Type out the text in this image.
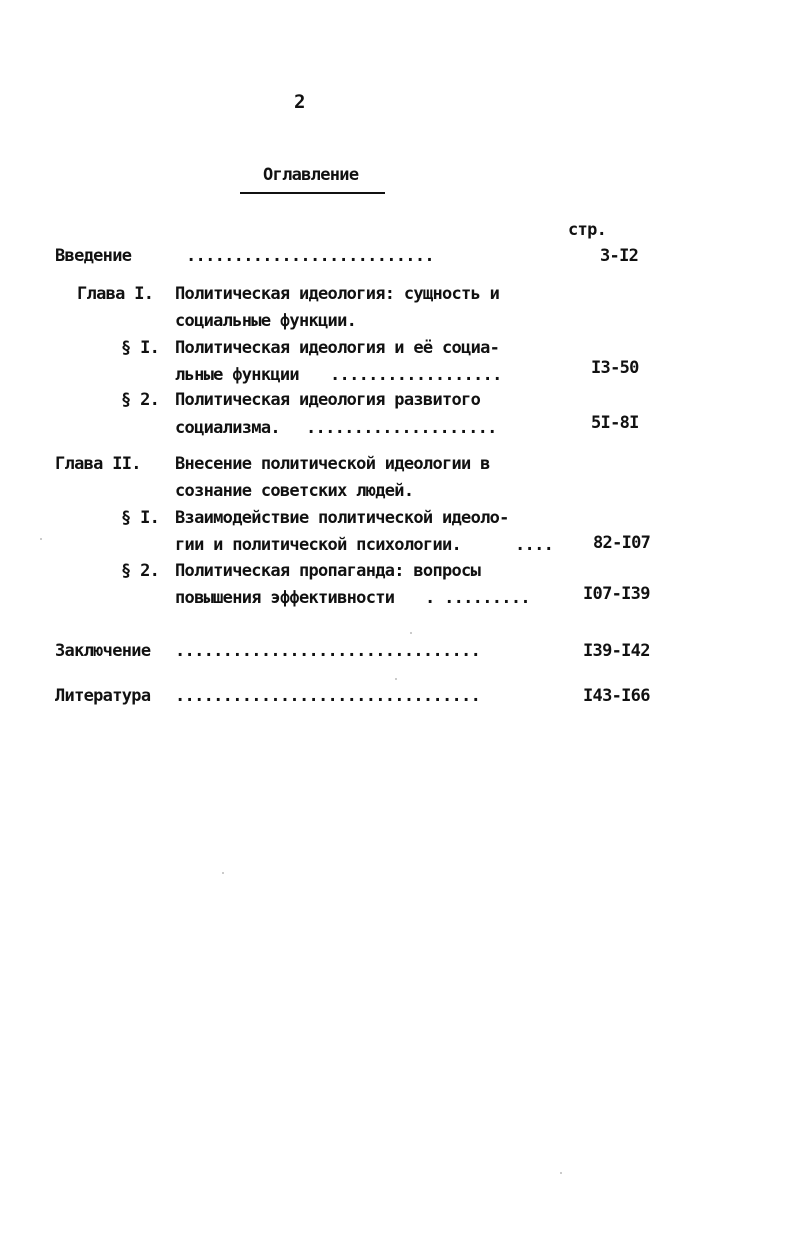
2
Оглавление
стр.
Введение	..........................	3-I2
Глава I. Политическая идеология: сущность и
социальные функции.
§ I. Политическая идеология и её социа-
льные функции ..................	I3-50
§ 2. Политическая идеология развитого
социализма. ....................	5I-8I
Глава II. Внесение политической идеологии в
сознание советских людей.
§ I. Взаимодействие политической идеоло-
гии и политической психологии.	.... 82-I07
§ 2. Политическая пропаганда: вопросы
повышения эффективности . .........	I07-I39
Заключение ................................	I39-I42
Литература ................................	I43-I66
